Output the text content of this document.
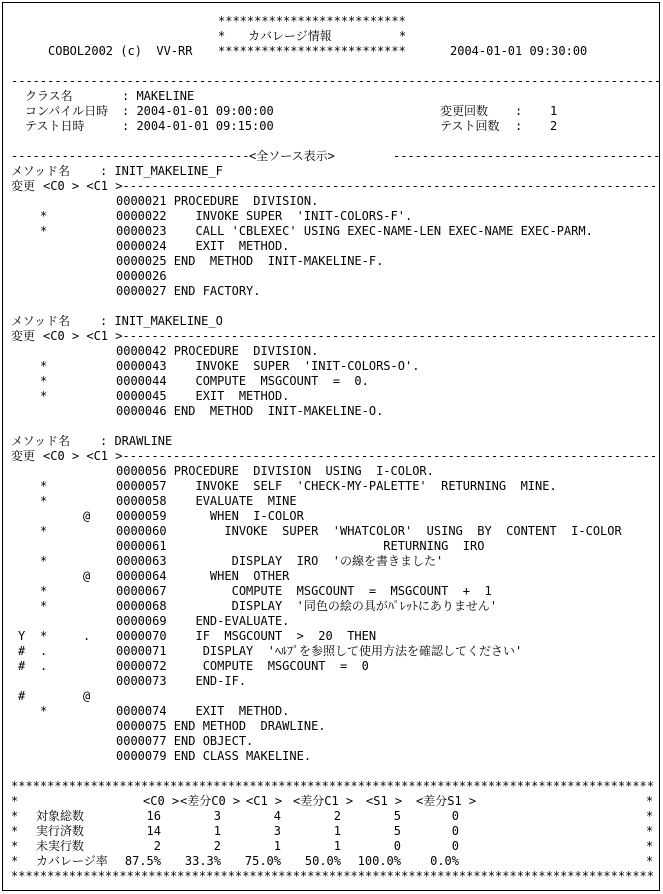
**************************
* カバレージ情報	*
COBOL2002 (c)  VV-RR **************************	2004-01-01 09:30:00
------------------------------------------------------------------------------------------
クラス名	: MAKELINE
コンパイル日時 : 2004-01-01 09:00:00	変更回数 : 1
テスト日時	: 2004-01-01 09:15:00	テスト回数 : 2
--------------------------------- <全ソース表示>	-------------------------------------
メソッド名 : INIT_MAKELINE_F
変更 <C0 > <C1 >--------------------------------------------------------------------------
0000021 PROCEDURE  DIVISION.
*	0000022    INVOKE SUPER  'INIT-COLORS-F'.
*	0000023    CALL 'CBLEXEC' USING EXEC-NAME-LEN EXEC-NAME EXEC-PARM.
0000024    EXIT  METHOD.
0000025 END  METHOD  INIT-MAKELINE-F.
0000026
0000027 END FACTORY.
メソッド名 : INIT_MAKELINE_O
変更 <C0 > <C1 >--------------------------------------------------------------------------
0000042 PROCEDURE  DIVISION.
*	0000043    INVOKE  SUPER  'INIT-COLORS-O'.
*	0000044    COMPUTE  MSGCOUNT  =  0.
*	0000045    EXIT  METHOD.
0000046 END  METHOD  INIT-MAKELINE-O.
メソッド名 : DRAWLINE
変更 <C0 > <C1 >--------------------------------------------------------------------------
0000056 PROCEDURE  DIVISION  USING  I-COLOR.
*	0000057    INVOKE  SELF  'CHECK-MY-PALETTE'  RETURNING  MINE.
*	0000058    EVALUATE  MINE
@ 0000059      WHEN  I-COLOR
*	0000060        INVOKE  SUPER  'WHATCOLOR'  USING  BY  CONTENT  I-COLOR
0000061                              RETURNING  IRO
*	0000063         DISPLAY  IRO  'の線を書きました'
@ 0000064      WHEN  OTHER
*	0000067         COMPUTE  MSGCOUNT  =  MSGCOUNT  +  1
*	0000068         DISPLAY  '同色の絵の具がﾊﾟﾚｯﾄにありません'
0000069    END-EVALUATE.
Y *	. 0000070    IF  MSGCOUNT  >  20  THEN
# .	0000071     DISPLAY  'ﾍﾙﾌﾟを参照して使用方法を確認してください'
# .	0000072     COMPUTE  MSGCOUNT  =  0
0000073    END-IF.
#	@
*	0000074    EXIT  METHOD.
0000075 END METHOD  DRAWLINE.
0000077 END OBJECT.
0000079 END CLASS MAKELINE.
*****************************************************************************************
*	<C0 > <差分C0 > <C1 > <差分C1 > <S1 > <差分S1 >	*
* 対象総数	16	3	4	2	5	0	*
* 実行済数	14	1	3	1	5	0	*
* 未実行数	2	2	1	1	0	0	*
* カバレージ率	87.5%	33.3%	75.0%	50.0%	100.0%	0.0%	*
*****************************************************************************************
